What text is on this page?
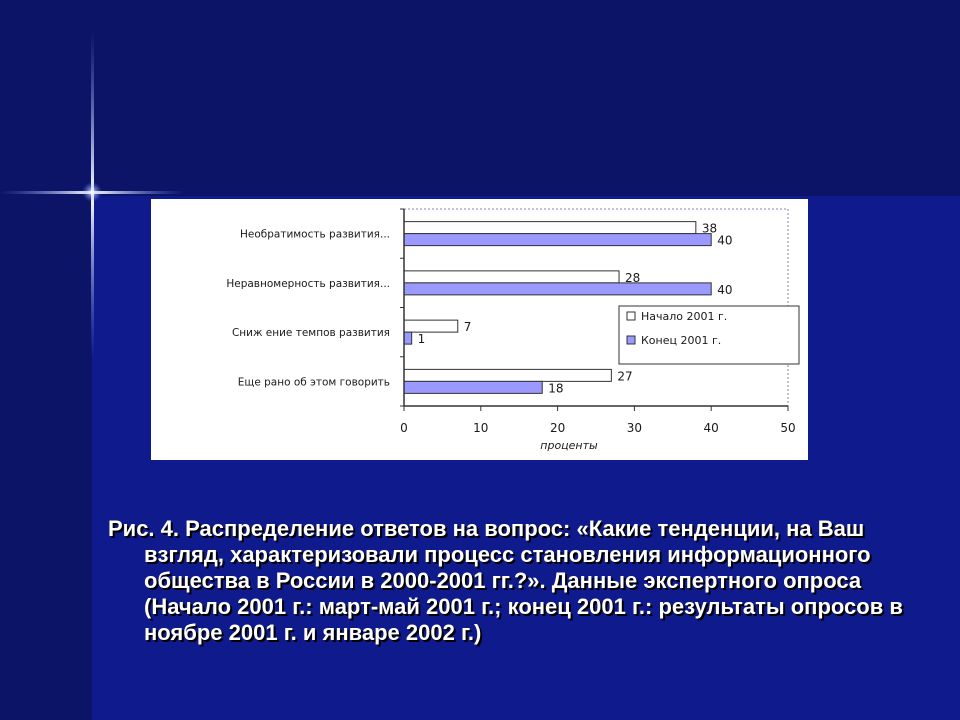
0	10	20	30	40	50
Необратимость развития...
Неравномерность развития...
Сниж ение темпов развития
Еще рано об этом говорить
38
40
28
40
7
1
27
18
проценты
Начало 2001 г.
Конец 2001 г.

Рис. 4. Распределение ответов на вопрос: «Какие тенденции, на Ваш взгляд, характеризовали процесс становления информационного общества в России в 2000-2001 гг.?». Данные экспертного опроса (Начало 2001 г.: март-май 2001 г.; конец 2001 г.: результаты опросов в ноябре 2001 г. и январе 2002 г.)
